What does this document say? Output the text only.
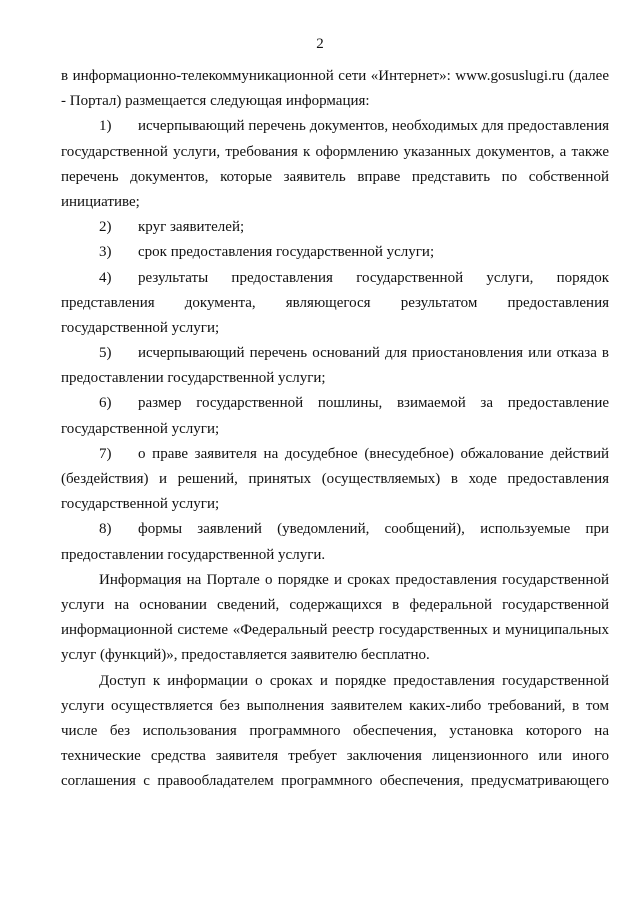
2
в информационно-телекоммуникационной сети «Интернет»: www.gosuslugi.ru (далее
- Портал) размещается следующая информация:
1)	исчерпывающий перечень документов, необходимых для предоставления
государственной услуги, требования к оформлению указанных документов, а также
перечень документов, которые заявитель вправе представить по собственной
инициативе;
2)	круг заявителей;
3)	срок предоставления государственной услуги;
4)	результаты предоставления государственной услуги, порядок
представления документа, являющегося результатом предоставления
государственной услуги;
5)	исчерпывающий перечень оснований для приостановления или отказа в
предоставлении государственной услуги;
6)	размер государственной пошлины, взимаемой за предоставление
государственной услуги;
7)	о праве заявителя на досудебное (внесудебное) обжалование действий
(бездействия) и решений, принятых (осуществляемых) в ходе предоставления
государственной услуги;
8)	формы заявлений (уведомлений, сообщений), используемые при
предоставлении государственной услуги.
Информация на Портале о порядке и сроках предоставления государственной
услуги на основании сведений, содержащихся в федеральной государственной
информационной системе «Федеральный реестр государственных и муниципальных
услуг (функций)», предоставляется заявителю бесплатно.
Доступ к информации о сроках и порядке предоставления государственной
услуги осуществляется без выполнения заявителем каких-либо требований, в том
числе без использования программного обеспечения, установка которого на
технические средства заявителя требует заключения лицензионного или иного
соглашения с правообладателем программного обеспечения, предусматривающего
